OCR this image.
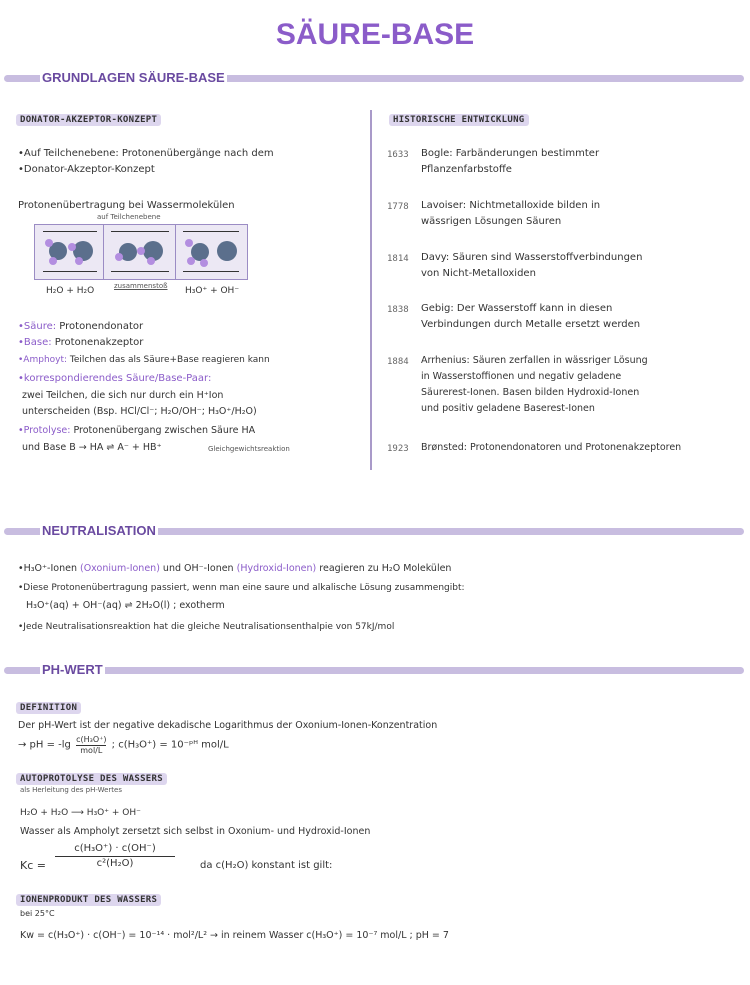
SÄURE-BASE
GRUNDLAGEN SÄURE-BASE
DONATOR-AKZEPTOR-KONZEPT
•Auf Teilchenebene: Protonenübergänge nach dem
•Donator-Akzeptor-Konzept
Protonenübertragung bei Wassermolekülen
auf Teilchenebene
H₂O + H₂O	zusammenstoß H₃O⁺ + OH⁻
•Säure: Protonendonator
•Base: Protonenakzeptor
•Amphoyt: Teilchen das als Säure+Base reagieren kann
•korrespondierendes Säure/Base-Paar:
zwei Teilchen, die sich nur durch ein H⁺Ion
unterscheiden (Bsp. HCl/Cl⁻; H₂O/OH⁻; H₃O⁺/H₂O)
•Protolyse: Protonenübergang zwischen Säure HA
und Base B → HA ⇌ A⁻ + HB⁺	Gleichgewichtsreaktion
HISTORISCHE ENTWICKLUNG
1633 Bogle: Farbänderungen bestimmter
Pflanzenfarbstoffe
1778 Lavoiser: Nichtmetalloxide bilden in
wässrigen Lösungen Säuren
1814 Davy: Säuren sind Wasserstoffverbindungen
von Nicht-Metalloxiden
1838 Gebig: Der Wasserstoff kann in diesen
Verbindungen durch Metalle ersetzt werden
1884 Arrhenius: Säuren zerfallen in wässriger Lösung
in Wasserstoffionen und negativ geladene
Säurerest-Ionen. Basen bilden Hydroxid-Ionen
und positiv geladene Baserest-Ionen
1923 Brønsted: Protonendonatoren und Protonenakzeptoren
NEUTRALISATION
•H₃O⁺-Ionen (Oxonium-Ionen) und OH⁻-Ionen (Hydroxid-Ionen) reagieren zu H₂O Molekülen
•Diese Protonenübertragung passiert, wenn man eine saure und alkalische Lösung zusammengibt:
H₃O⁺(aq) + OH⁻(aq) ⇌ 2H₂O(l) ; exotherm
•Jede Neutralisationsreaktion hat die gleiche Neutralisationsenthalpie von 57kJ/mol
PH-WERT
DEFINITION
Der pH-Wert ist der negative dekadische Logarithmus der Oxonium-Ionen-Konzentration
→ pH = -lg c(H₃O⁺)
mol/L ; c(H₃O⁺) = 10⁻ᵖᴴ mol/L
AUTOPROTOLYSE DES WASSERS
als Herleitung des pH-Wertes
H₂O + H₂O ⟶ H₃O⁺ + OH⁻
Wasser als Ampholyt zersetzt sich selbst in Oxonium- und Hydroxid-Ionen
$Kc = \frac{\text{c(H₃O⁺) · c(OH⁻)}}{\text{c²(H₂O)}}$	da c(H₂O) konstant ist gilt:
IONENPRODUKT DES WASSERS
bei 25°C
Kw = c(H₃O⁺) · c(OH⁻) = 10⁻¹⁴ · mol²/L² → in reinem Wasser c(H₃O⁺) = 10⁻⁷ mol/L ; pH = 7
